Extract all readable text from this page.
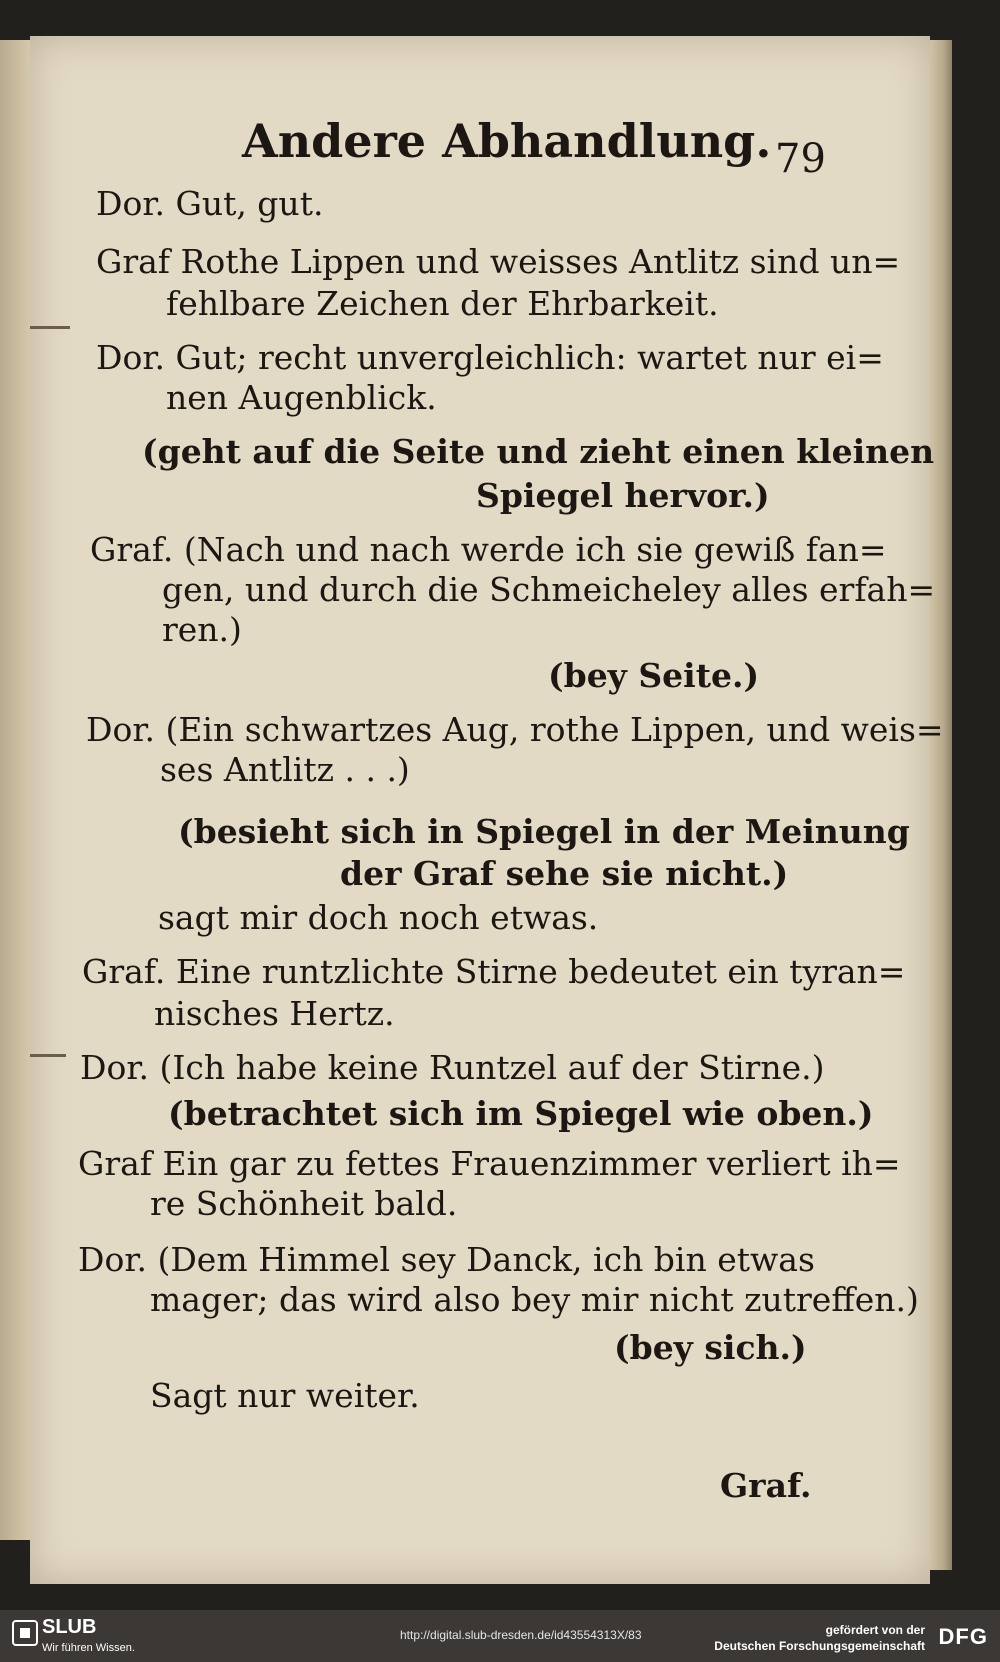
Andere Abhandlung. 79
Dor. Gut, gut.
Graf Rothe Lippen und weisses Antlitz sind un=
fehlbare Zeichen der Ehrbarkeit.
Dor. Gut; recht unvergleichlich: wartet nur ei=
nen Augenblick.
(geht auf die Seite und zieht einen kleinen
Spiegel hervor.)
Graf. (Nach und nach werde ich sie gewiß fan=
gen, und durch die Schmeicheley alles erfah=
ren.)
(bey Seite.)
Dor. (Ein schwartzes Aug, rothe Lippen, und weis=
ses Antlitz . . .)
(besieht sich in Spiegel in der Meinung
der Graf sehe sie nicht.)
sagt mir doch noch etwas.
Graf. Eine runtzlichte Stirne bedeutet ein tyran=
nisches Hertz.
Dor. (Ich habe keine Runtzel auf der Stirne.)
(betrachtet sich im Spiegel wie oben.)
Graf Ein gar zu fettes Frauenzimmer verliert ih=
re Schönheit bald.
Dor. (Dem Himmel sey Danck, ich bin etwas
mager; das wird also bey mir nicht zutreffen.)
(bey sich.)
Sagt nur weiter.
Graf.
SLUB
Wir führen Wissen.
http://digital.slub-dresden.de/id43554313X/83	gefördert von der
Deutschen Forschungsgemeinschaft DFG
